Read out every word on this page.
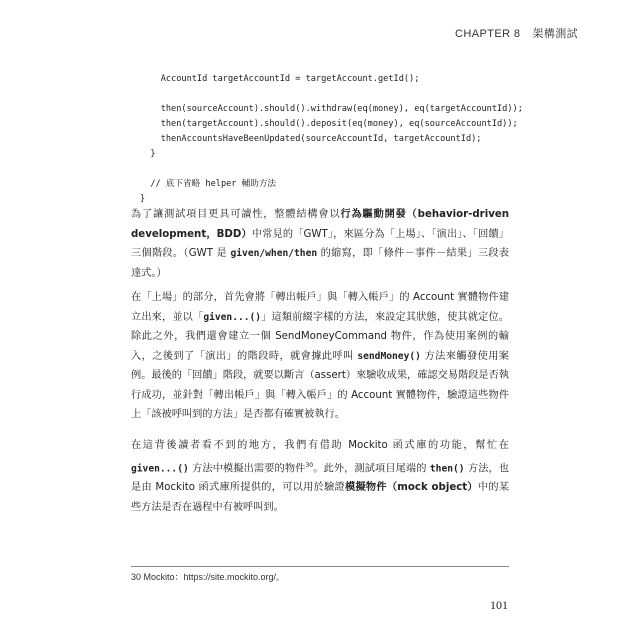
CHAPTER 8 架構測試
AccountId targetAccountId = targetAccount.getId();
then(sourceAccount).should().withdraw(eq(money), eq(targetAccountId));
then(targetAccount).should().deposit(eq(money), eq(sourceAccountId));
thenAccountsHaveBeenUpdated(sourceAccountId, targetAccountId);
}
// 底下省略 helper 輔助方法
}

為了讓測試項目更具可讀性，整體結構會以行為驅動開發（behavior-driven development，BDD）中常見的「GWT」，來區分為「上場」、「演出」、「回饋」三個階段。（GWT 是 given/when/then 的縮寫，即「條件－事件－結果」三段表達式。）

在「上場」的部分，首先會將「轉出帳戶」與「轉入帳戶」的 Account 實體物件建立出來，並以「given...()」這類前綴字樣的方法，來設定其狀態，使其就定位。除此之外，我們還會建立一個 SendMoneyCommand 物件，作為使用案例的輸入，之後到了「演出」的階段時，就會據此呼叫 sendMoney() 方法來觸發使用案例。最後的「回饋」階段，就要以斷言（assert）來驗收成果，確認交易階段是否執行成功，並針對「轉出帳戶」與「轉入帳戶」的 Account 實體物件，驗證這些物件上「該被呼叫到的方法」是否都有確實被執行。

在這背後讀者看不到的地方，我們有借助 Mockito 函式庫的功能，幫忙在 given...() 方法中模擬出需要的物件$^{30}$。此外，測試項目尾端的 then() 方法，也是由 Mockito 函式庫所提供的，可以用於驗證模擬物件（mock object）中的某些方法是否在過程中有被呼叫到。

30 Mockito：https://site.mockito.org/。
101
